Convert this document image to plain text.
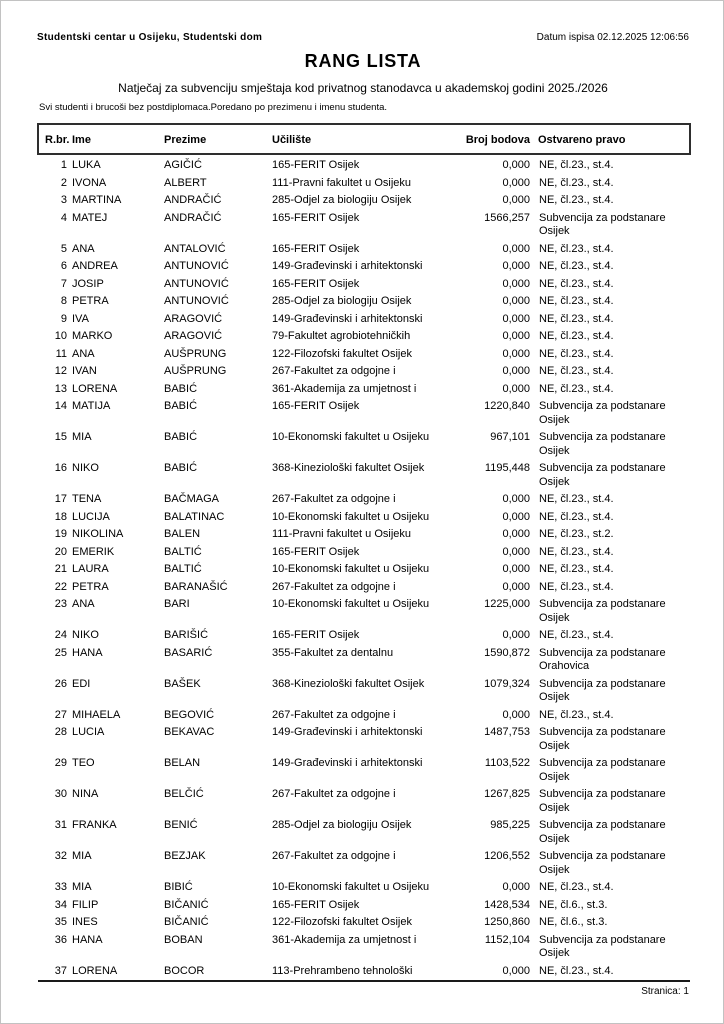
Studentski centar u Osijeku, Studentski dom	Datum ispisa 02.12.2025 12:06:56
RANG LISTA
Natječaj za subvenciju smještaja kod privatnog stanodavca u akademskoj godini 2025./2026
Svi studenti i brucoši bez postdiplomaca.Poredano po prezimenu i imenu studenta.
R.br.	Ime	Prezime	Učilište	Broj bodova	Ostvareno pravo
1	LUKA	AGIČIĆ	165-FERIT Osijek	0,000	NE, čl.23., st.4.
2	IVONA	ALBERT	111-Pravni fakultet u Osijeku	0,000	NE, čl.23., st.4.
3	MARTINA	ANDRAČIĆ	285-Odjel za biologiju Osijek	0,000	NE, čl.23., st.4.
4	MATEJ	ANDRAČIĆ	165-FERIT Osijek	1566,257	Subvencija za podstanare Osijek
5	ANA	ANTALOVIĆ	165-FERIT Osijek	0,000	NE, čl.23., st.4.
6	ANDREA	ANTUNOVIĆ	149-Građevinski i arhitektonski	0,000	NE, čl.23., st.4.
7	JOSIP	ANTUNOVIĆ	165-FERIT Osijek	0,000	NE, čl.23., st.4.
8	PETRA	ANTUNOVIĆ	285-Odjel za biologiju Osijek	0,000	NE, čl.23., st.4.
9	IVA	ARAGOVIĆ	149-Građevinski i arhitektonski	0,000	NE, čl.23., st.4.
10	MARKO	ARAGOVIĆ	79-Fakultet agrobiotehničkih	0,000	NE, čl.23., st.4.
11	ANA	AUŠPRUNG	122-Filozofski fakultet Osijek	0,000	NE, čl.23., st.4.
12	IVAN	AUŠPRUNG	267-Fakultet za odgojne i	0,000	NE, čl.23., st.4.
13	LORENA	BABIĆ	361-Akademija za umjetnost i	0,000	NE, čl.23., st.4.
14	MATIJA	BABIĆ	165-FERIT Osijek	1220,840	Subvencija za podstanare Osijek
15	MIA	BABIĆ	10-Ekonomski fakultet u Osijeku	967,101	Subvencija za podstanare Osijek
16	NIKO	BABIĆ	368-Kineziološki fakultet Osijek	1195,448	Subvencija za podstanare Osijek
17	TENA	BAČMAGA	267-Fakultet za odgojne i	0,000	NE, čl.23., st.4.
18	LUCIJA	BALATINAC	10-Ekonomski fakultet u Osijeku	0,000	NE, čl.23., st.4.
19	NIKOLINA	BALEN	111-Pravni fakultet u Osijeku	0,000	NE, čl.23., st.2.
20	EMERIK	BALTIĆ	165-FERIT Osijek	0,000	NE, čl.23., st.4.
21	LAURA	BALTIĆ	10-Ekonomski fakultet u Osijeku	0,000	NE, čl.23., st.4.
22	PETRA	BARANAŠIĆ	267-Fakultet za odgojne i	0,000	NE, čl.23., st.4.
23	ANA	BARI	10-Ekonomski fakultet u Osijeku	1225,000	Subvencija za podstanare Osijek
24	NIKO	BARIŠIĆ	165-FERIT Osijek	0,000	NE, čl.23., st.4.
25	HANA	BASARIĆ	355-Fakultet za dentalnu	1590,872	Subvencija za podstanare Orahovica
26	EDI	BAŠEK	368-Kineziološki fakultet Osijek	1079,324	Subvencija za podstanare Osijek
27	MIHAELA	BEGOVIĆ	267-Fakultet za odgojne i	0,000	NE, čl.23., st.4.
28	LUCIA	BEKAVAC	149-Građevinski i arhitektonski	1487,753	Subvencija za podstanare Osijek
29	TEO	BELAN	149-Građevinski i arhitektonski	1103,522	Subvencija za podstanare Osijek
30	NINA	BELČIĆ	267-Fakultet za odgojne i	1267,825	Subvencija za podstanare Osijek
31	FRANKA	BENIĆ	285-Odjel za biologiju Osijek	985,225	Subvencija za podstanare Osijek
32	MIA	BEZJAK	267-Fakultet za odgojne i	1206,552	Subvencija za podstanare Osijek
33	MIA	BIBIĆ	10-Ekonomski fakultet u Osijeku	0,000	NE, čl.23., st.4.
34	FILIP	BIČANIĆ	165-FERIT Osijek	1428,534	NE, čl.6., st.3.
35	INES	BIČANIĆ	122-Filozofski fakultet Osijek	1250,860	NE, čl.6., st.3.
36	HANA	BOBAN	361-Akademija za umjetnost i	1152,104	Subvencija za podstanare Osijek
37	LORENA	BOCOR	113-Prehrambeno tehnološki	0,000	NE, čl.23., st.4.
Stranica: 1
